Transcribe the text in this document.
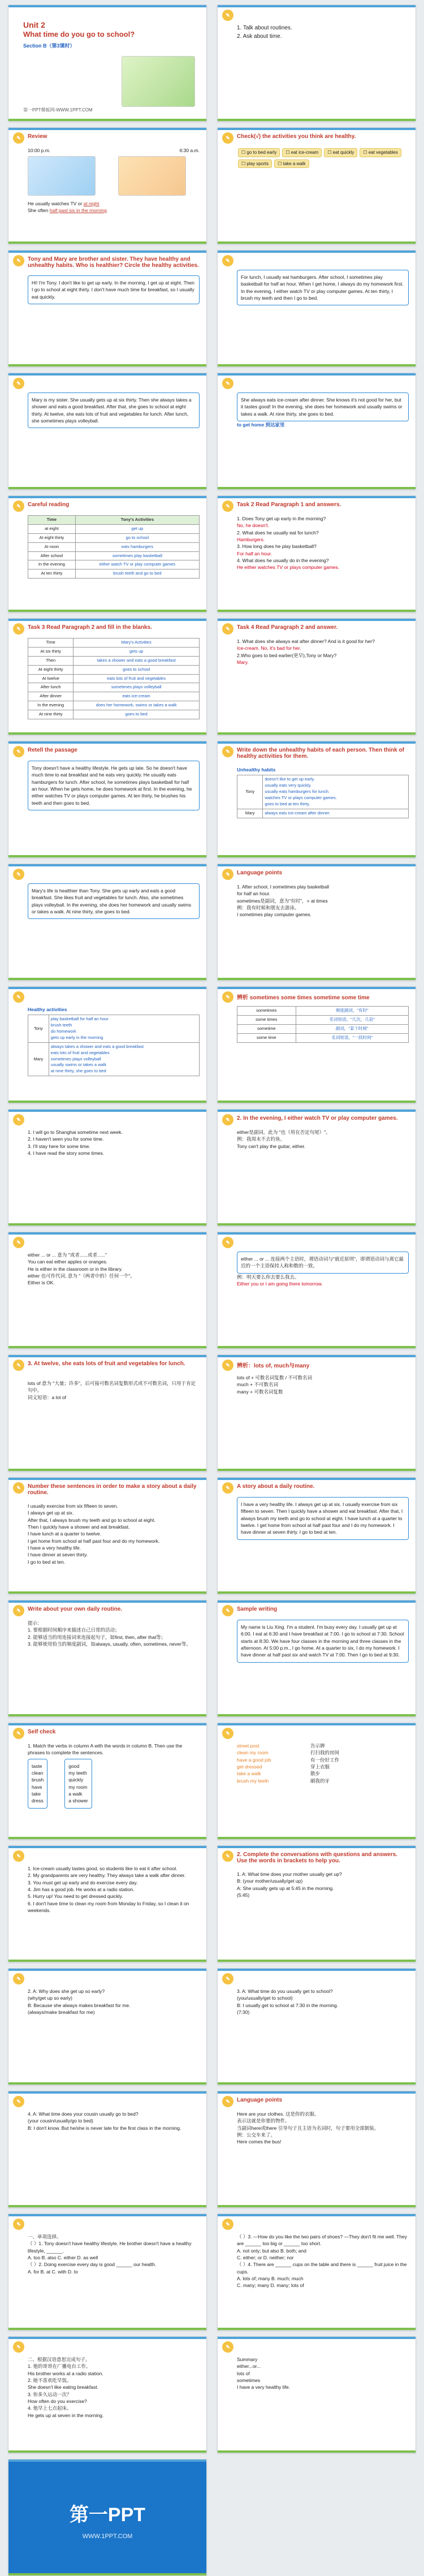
Unit 2
What time do you go to school?
Section B（第3课时）
第一PPT模板网-WWW.1PPT.COM
✎
1. Talk about routines.
2. Ask about time.
✎	Review
10:00 p.m.	6:30 a.m.
He usually watches TV or at night
She often half past six in the morning
✎	Check(√) the activities you think are healthy.
☐ go to bed early ☐ eat ice-cream ☐ eat quickly ☐ eat vegetables☐ play sports ☐ take a walk
✎	Tony and Mary are brother and sister. They have healthy and unhealthy habits. Who is healthier? Circle the healthy activities.
Hi! I'm Tony. I don't like to get up early. In the morning, I get up at eight. Then I go to school at eight thirty. I don't have much time for breakfast, so I usually eat quickly.
✎
For lunch, I usually eat hamburgers. After school, I sometimes play basketball for half an hour. When I get home, I always do my homework first. In the evening, I either watch TV or play computer games. At ten thirty, I brush my teeth and then I go to bed.
✎
Mary is my sister. She usually gets up at six thirty. Then she always takes a shower and eats a good breakfast. After that, she goes to school at eight thirty. At twelve, she eats lots of fruit and vegetables for lunch. After lunch, she sometimes plays volleyball.
✎
She always eats ice-cream after dinner. She knows it's not good for her, but it tastes good! In the evening, she does her homework and usually swims or takes a walk. At nine thirty, she goes to bed.
to get home 到达家里
✎	Careful reading
Time	Tony's Activities
at eight	get up
At eight thirty	go to school
At noon	eats hamburgers
After school	sometimes play basketball
In the evening	either watch TV or play computer games
At ten thirty	brush teeth and go to bed
✎	Task 2 Read Paragraph 1 and answers.
1. Does Tony get up early in the morning?
No, he doesn't.
2. What does he usually eat for lunch?
Hamburgers.
3. How long does he play basketball?
For half an hour.
4. What does he usually do in the evening?
He either watches TV or plays computer games.
✎	Task 3 Read Paragraph 2 and fill in the blanks.
Time	Mary's Activities
At six thirty	gets up
Then	takes a shower and eats a good breakfast
At eight thirty	goes to school
At twelve	eats lots of fruit and vegetables
After lunch	sometimes plays volleyball
After dinner	eats ice-cream
In the evening	does her homework, swims or takes a walk
At nine thirty	goes to bed
✎	Task 4 Read Paragraph 2 and answer.
1. What does she always eat after dinner? And is it good for her?
Ice-cream. No, it's bad for her.
2.Who goes to bed earlier(更早),Tony or Mary?
Mary.
✎	Retell the passage
Tony doesn't have a healthy lifestyle. He gets up late. So he doesn't have much time to eat breakfast and he eats very quickly. He usually eats hamburgers for lunch. After school, he sometimes plays basketball for half an hour. When he gets home, he does homework at first. In the evening, he either watches TV or plays computer games. At ten thirty, he brushes his teeth and then goes to bed.
✎	Write down the unhealthy habits of each person. Then think of healthy activities for them.
Unhealthy habits
Tony	doesn't like to get up early.
usually eats very quickly.
usually eats hamburgers for lunch.
watches TV or plays computer games.
goes to bed at ten thirty.

Mary	always eats ice-cream after dinner.
✎
Mary's life is healthier than Tony. She gets up early and eats a good breakfast. She likes fruit and vegetables for lunch. Also, she sometimes plays volleyball. In the evening, she does her homework and usually swims or takes a walk. At nine thirty, she goes to bed.
✎	Language points
1. After school, I sometimes play basketball
for half an hour.
sometimes是副词，意为"有时"，= at times
例：我有时候和朋友去游泳。
I sometimes play computer games.
✎
Healthy activities
Tony	play basketball for half an hour
brush teeth
do homework
gets up early in the morning

Mary	always takes a shower and eats a good breakfast
eats lots of fruit and vegetables
sometimes plays volleyball
usually swims or takes a walk
at nine thirty, she goes to bed
✎	辨析 sometimes some times sometime some time
sometimes	频度副词，"有时"
some times	名词短语，"几次，几倍"
sometime	副词，"某个时候"
some time	名词短语，"一段时间"
✎
1. I will go to Shanghai sometime next week.
2. I haven't seen you for some time.
3. I'll stay here for some time.
4. I have read the story some times.
✎	2. In the evening, I either watch TV or play computer games.
either是副词，此为 "也（用在否定句尾）"。
例：我周末不去钓鱼。
Tony can't play the guitar, either.
✎
either ... or ... 意为 "或者......或者......"
You can eat either apples or oranges.
He is either in the classroom or in the library.
either 也可作代词, 意为 "（两者中的）任何一个"。
Either is OK.
✎
either ... or ... 连接两个主语时，谓语动词与"就近原则"，即谓语动词与离它最近的一个主语保持人称和数的一致。
例：明天要么你去要么我去。
Either you or I am going there tomorrow.
✎	3. At twelve, she eats lots of fruit and vegetables for lunch.
lots of 意为 "大量；许多"，后可接可数名词复数形式或不可数名词，只用于肯定句中。
同义短语：a lot of
✎	辨析：lots of, much与many
lots of + 可数名词复数 / 不可数名词
much + 不可数名词
many + 可数名词复数
✎	Number these sentences in order to make a story about a daily routine.
I usually exercise from six fifteen to seven.
I always get up at six.
After that, I always brush my teeth and go to school at eight.
Then I quickly have a shower and eat breakfast.
I have lunch at a quarter to twelve.
I get home from school at half past four and do my homework.
I have a very healthy life.
I have dinner at seven thirty.
I go to bed at ten.
✎	A story about a daily routine.
I have a very healthy life. I always get up at six. I usually exercise from six fifteen to seven. Then I quickly have a shower and eat breakfast. After that, I always brush my teeth and go to school at eight. I have lunch at a quarter to twelve. I get home from school at half past four and I do my homework. I have dinner at seven thirty. I go to bed at ten.
✎	Write about your own daily routine.
提示：
1. 要根据时间顺序来描述自己日常的活动；
2. 能够适当的用连接词来连接起句子，如first, then, after that等；
3. 能够使用恰当的频度副词，如always, usually, often, sometimes, never等。
✎	Sample writing
My name is Liu Xing. I'm a student. I'm busy every day. I usually get up at 6:00. I eat at 6:30 and I have breakfast at 7:00. I go to school at 7:30. School starts at 8:30. We have four classes in the morning and three classes in the afternoon. At 5:00 p.m., I go home. At a quarter to six, I do my homework. I have dinner at half past six and watch TV at 7:00. Then I go to bed at 9:30.
✎	Self check
1. Match the verbs in column A with the words in column B. Then use the phrases to complete the sentences.
taste
clean
brush
have
take
dress
good
my teeth
quickly
my room
a walk
a shower
✎
street post	告示牌
clean my room	打扫我的房间
have a good job	有一份好工作
get dressed	穿上衣服
take a walk	散步
brush my teeth	刷我的牙
✎
1. Ice-cream usually tastes good, so students like to eat it after school.
2. My grandparents are very healthy. They always take a walk after dinner.
3. You must get up early and do exercise every day.
4. Jim has a good job. He works at a radio station.
5. Hurry up! You need to get dressed quickly.
6. I don't have time to clean my room from Monday to Friday, so I clean it on weekends.
✎	2. Complete the conversations with questions and answers. Use the words in brackets to help you.
1. A: What time does your mother usually get up?
B: (your mother/usually/get up)
A: She usually gets up at 5:45 in the morning.
(5:45)
✎
2. A: Why does she get up so early?
(why/get up so early)
B: Because she always makes breakfast for me.
(always/make breakfast for me)
✎
3. A: What time do you usually get to school?
(you/usually/get to school)
B: I usually get to school at 7:30 in the morning.
(7:30)
✎
4. A: What time does your cousin usually go to bed?
(your cousin/usually/go to bed)
B: I don't know. But he/she is never late for the first class in the morning.
✎	Language points
Here are your clothes. 这是你的衣服。
表示这就是你要的物件。
当副词here或there 引导句子且主语为名词时，句子要用全部倒装。
例：公交车来了。
Here comes the bus!
✎
一、单项选择。
（ ）1. Tony doesn't have healthy lifestyle. He brother doesn't have a healthy lifestyle, ______.
A. too B. also C. either D. as well
（ ）2. Doing exercise every day is good ______ our health.
A. for B. at C. with D. to
✎
（ ）3. —How do you like the two pairs of shoes? —They don't fit me well. They are ______ too big or ______ too short.
A. not only; but also B. both; and
C. either; or D. neither; nor
（ ）4. There are ______ cups on the table and there is ______ fruit juice in the cups.
A. lots of; many B. much; much
C. many; many D. many; lots of
✎
二、根据汉语意思完成句子。
1. 他的哥哥在广播电台工作。
His brother works at a radio station.
2. 她不喜欢吃早饭。
She doesn't like eating breakfast.
3. 你多久运动一次？
How often do you exercise?
4. 他早上七点起床。
He gets up at seven in the morning.
✎
Summary
either...or...
lots of
sometimes
I have a very healthy life.
第一PPT
WWW.1PPT.COM
